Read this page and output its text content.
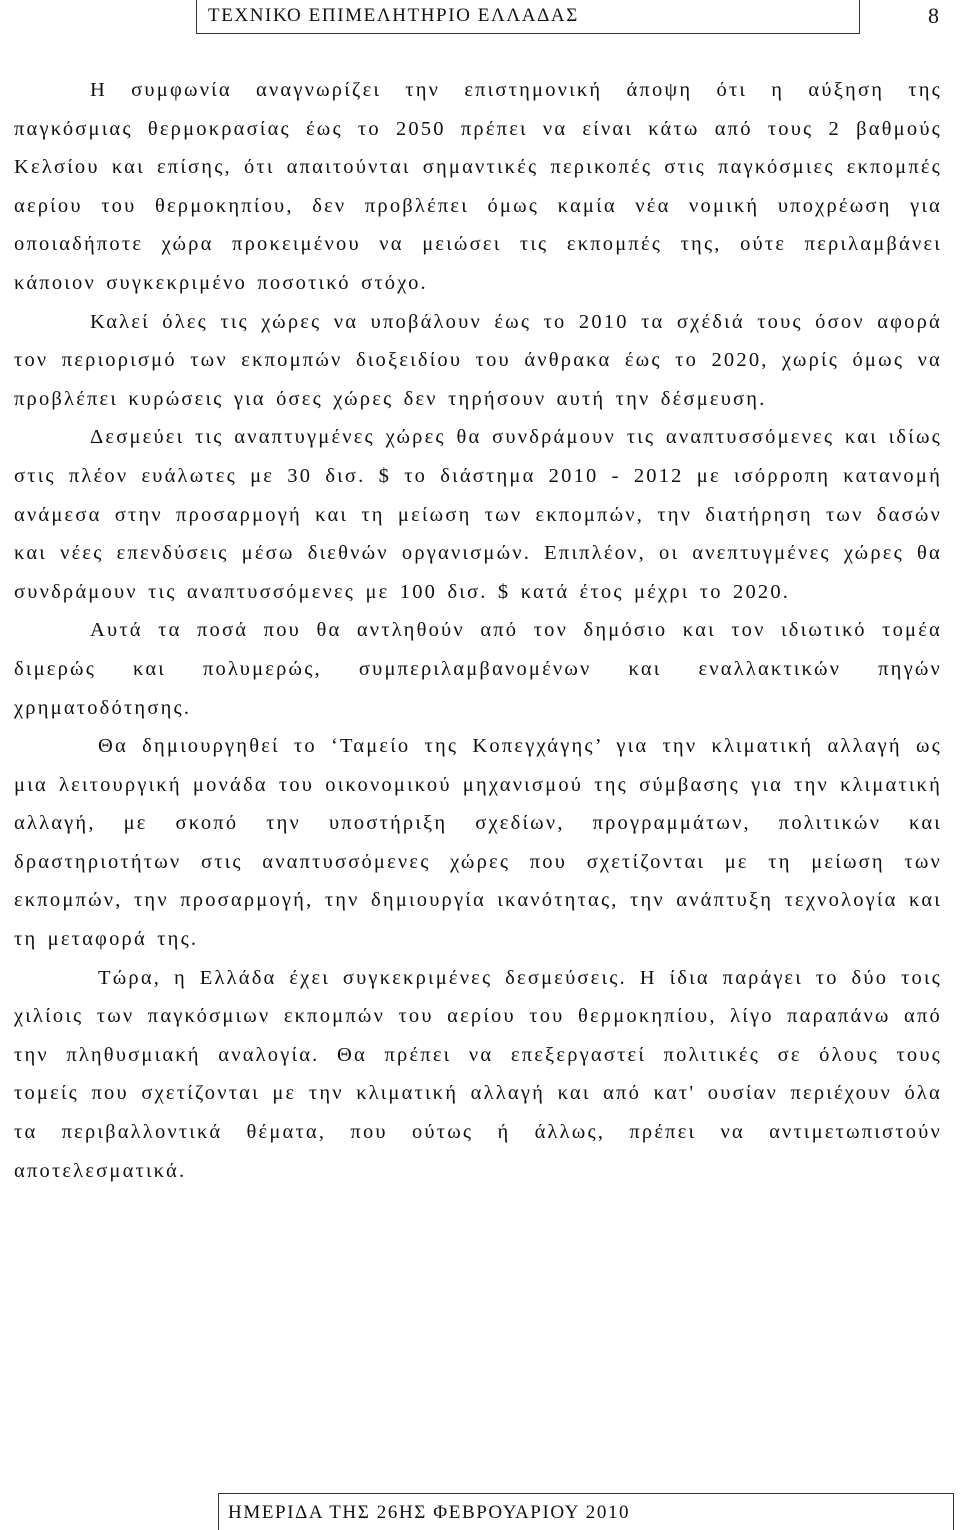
ΤΕΧΝΙΚΟ ΕΠΙΜΕΛΗΤΗΡΙΟ ΕΛΛΑΔΑΣ	8

Η συμφωνία αναγνωρίζει την επιστημονική άποψη ότι η αύξηση της παγκόσμιας θερμοκρασίας έως το 2050 πρέπει να είναι κάτω από τους 2 βαθμούς Κελσίου και επίσης, ότι απαιτούνται σημαντικές περικοπές στις παγκόσμιες εκπομπές αερίου του θερμοκηπίου, δεν προβλέπει όμως καμία νέα νομική υποχρέωση για οποιαδήποτε χώρα προκειμένου να μειώσει τις εκπομπές της, ούτε περιλαμβάνει κάποιον συγκεκριμένο ποσοτικό στόχο.

Καλεί όλες τις χώρες να υποβάλουν έως το 2010 τα σχέδιά τους όσον αφορά τον περιορισμό των εκπομπών διοξειδίου του άνθρακα έως το 2020, χωρίς όμως να προβλέπει κυρώσεις για όσες χώρες δεν τηρήσουν αυτή την δέσμευση.

Δεσμεύει τις αναπτυγμένες χώρες θα συνδράμουν τις αναπτυσσόμενες και ιδίως στις πλέον ευάλωτες με 30 δισ. $ το διάστημα 2010 - 2012 με ισόρροπη κατανομή ανάμεσα στην προσαρμογή και τη μείωση των εκπομπών, την διατήρηση των δασών και νέες επενδύσεις μέσω διεθνών οργανισμών. Επιπλέον, οι ανεπτυγμένες χώρες θα συνδράμουν τις αναπτυσσόμενες με 100 δισ. $ κατά έτος μέχρι το 2020.

Αυτά τα ποσά που θα αντληθούν από τον δημόσιο και τον ιδιωτικό τομέα διμερώς και πολυμερώς, συμπεριλαμβανομένων και εναλλακτικών πηγών χρηματοδότησης.

Θα δημιουργηθεί το ‘Ταμείο της Κοπεγχάγης’ για την κλιματική αλλαγή ως μια λειτουργική μονάδα του οικονομικού μηχανισμού της σύμβασης για την κλιματική αλλαγή, με σκοπό την υποστήριξη σχεδίων, προγραμμάτων, πολιτικών και δραστηριοτήτων στις αναπτυσσόμενες χώρες που σχετίζονται με τη μείωση των εκπομπών, την προσαρμογή, την δημιουργία ικανότητας, την ανάπτυξη τεχνολογία και τη μεταφορά της.

Τώρα, η Ελλάδα έχει συγκεκριμένες δεσμεύσεις. Η ίδια παράγει το δύο τοις χιλίοις των παγκόσμιων εκπομπών του αερίου του θερμοκηπίου, λίγο παραπάνω από την πληθυσμιακή αναλογία. Θα πρέπει να επεξεργαστεί πολιτικές σε όλους τους τομείς που σχετίζονται με την κλιματική αλλαγή και από κατ' ουσίαν περιέχουν όλα τα περιβαλλοντικά θέματα, που ούτως ή άλλως, πρέπει να αντιμετωπιστούν αποτελεσματικά.

ΗΜΕΡΙΔΑ ΤΗΣ 26ΗΣ ΦΕΒΡΟΥΑΡΙΟΥ 2010
